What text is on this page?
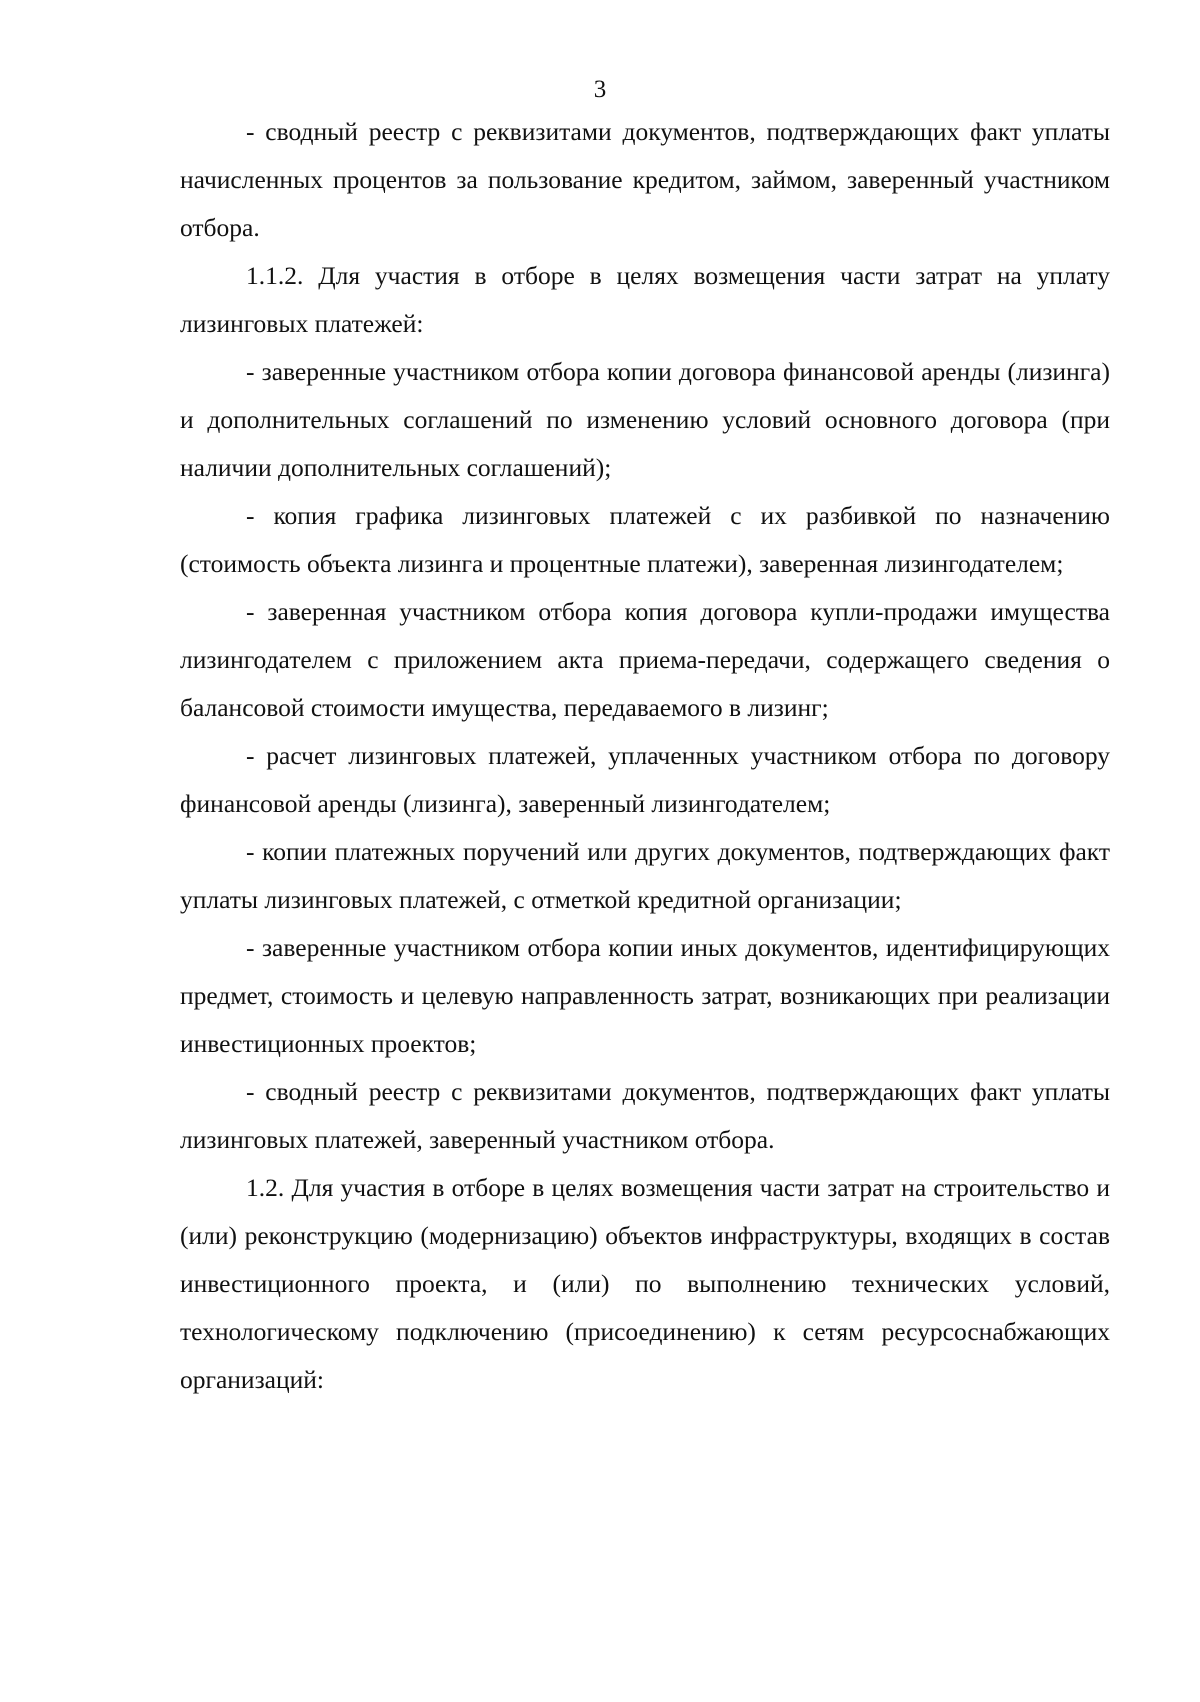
3

- сводный реестр с реквизитами документов, подтверждающих факт уплаты начисленных процентов за пользование кредитом, займом, заверенный участником отбора.

1.1.2. Для участия в отборе в целях возмещения части затрат на уплату лизинговых платежей:

- заверенные участником отбора копии договора финансовой аренды (лизинга) и дополнительных соглашений по изменению условий основного договора (при наличии дополнительных соглашений);

- копия графика лизинговых платежей с их разбивкой по назначению (стоимость объекта лизинга и процентные платежи), заверенная лизингодателем;

- заверенная участником отбора копия договора купли-продажи имущества лизингодателем с приложением акта приема-передачи, содержащего сведения о балансовой стоимости имущества, передаваемого в лизинг;

- расчет лизинговых платежей, уплаченных участником отбора по договору финансовой аренды (лизинга), заверенный лизингодателем;

- копии платежных поручений или других документов, подтверждающих факт уплаты лизинговых платежей, с отметкой кредитной организации;

- заверенные участником отбора копии иных документов, идентифицирующих предмет, стоимость и целевую направленность затрат, возникающих при реализации инвестиционных проектов;

- сводный реестр с реквизитами документов, подтверждающих факт уплаты лизинговых платежей, заверенный участником отбора.

1.2. Для участия в отборе в целях возмещения части затрат на строительство и (или) реконструкцию (модернизацию) объектов инфраструктуры, входящих в состав инвестиционного проекта, и (или) по выполнению технических условий, технологическому подключению (присоединению) к сетям ресурсоснабжающих организаций:
